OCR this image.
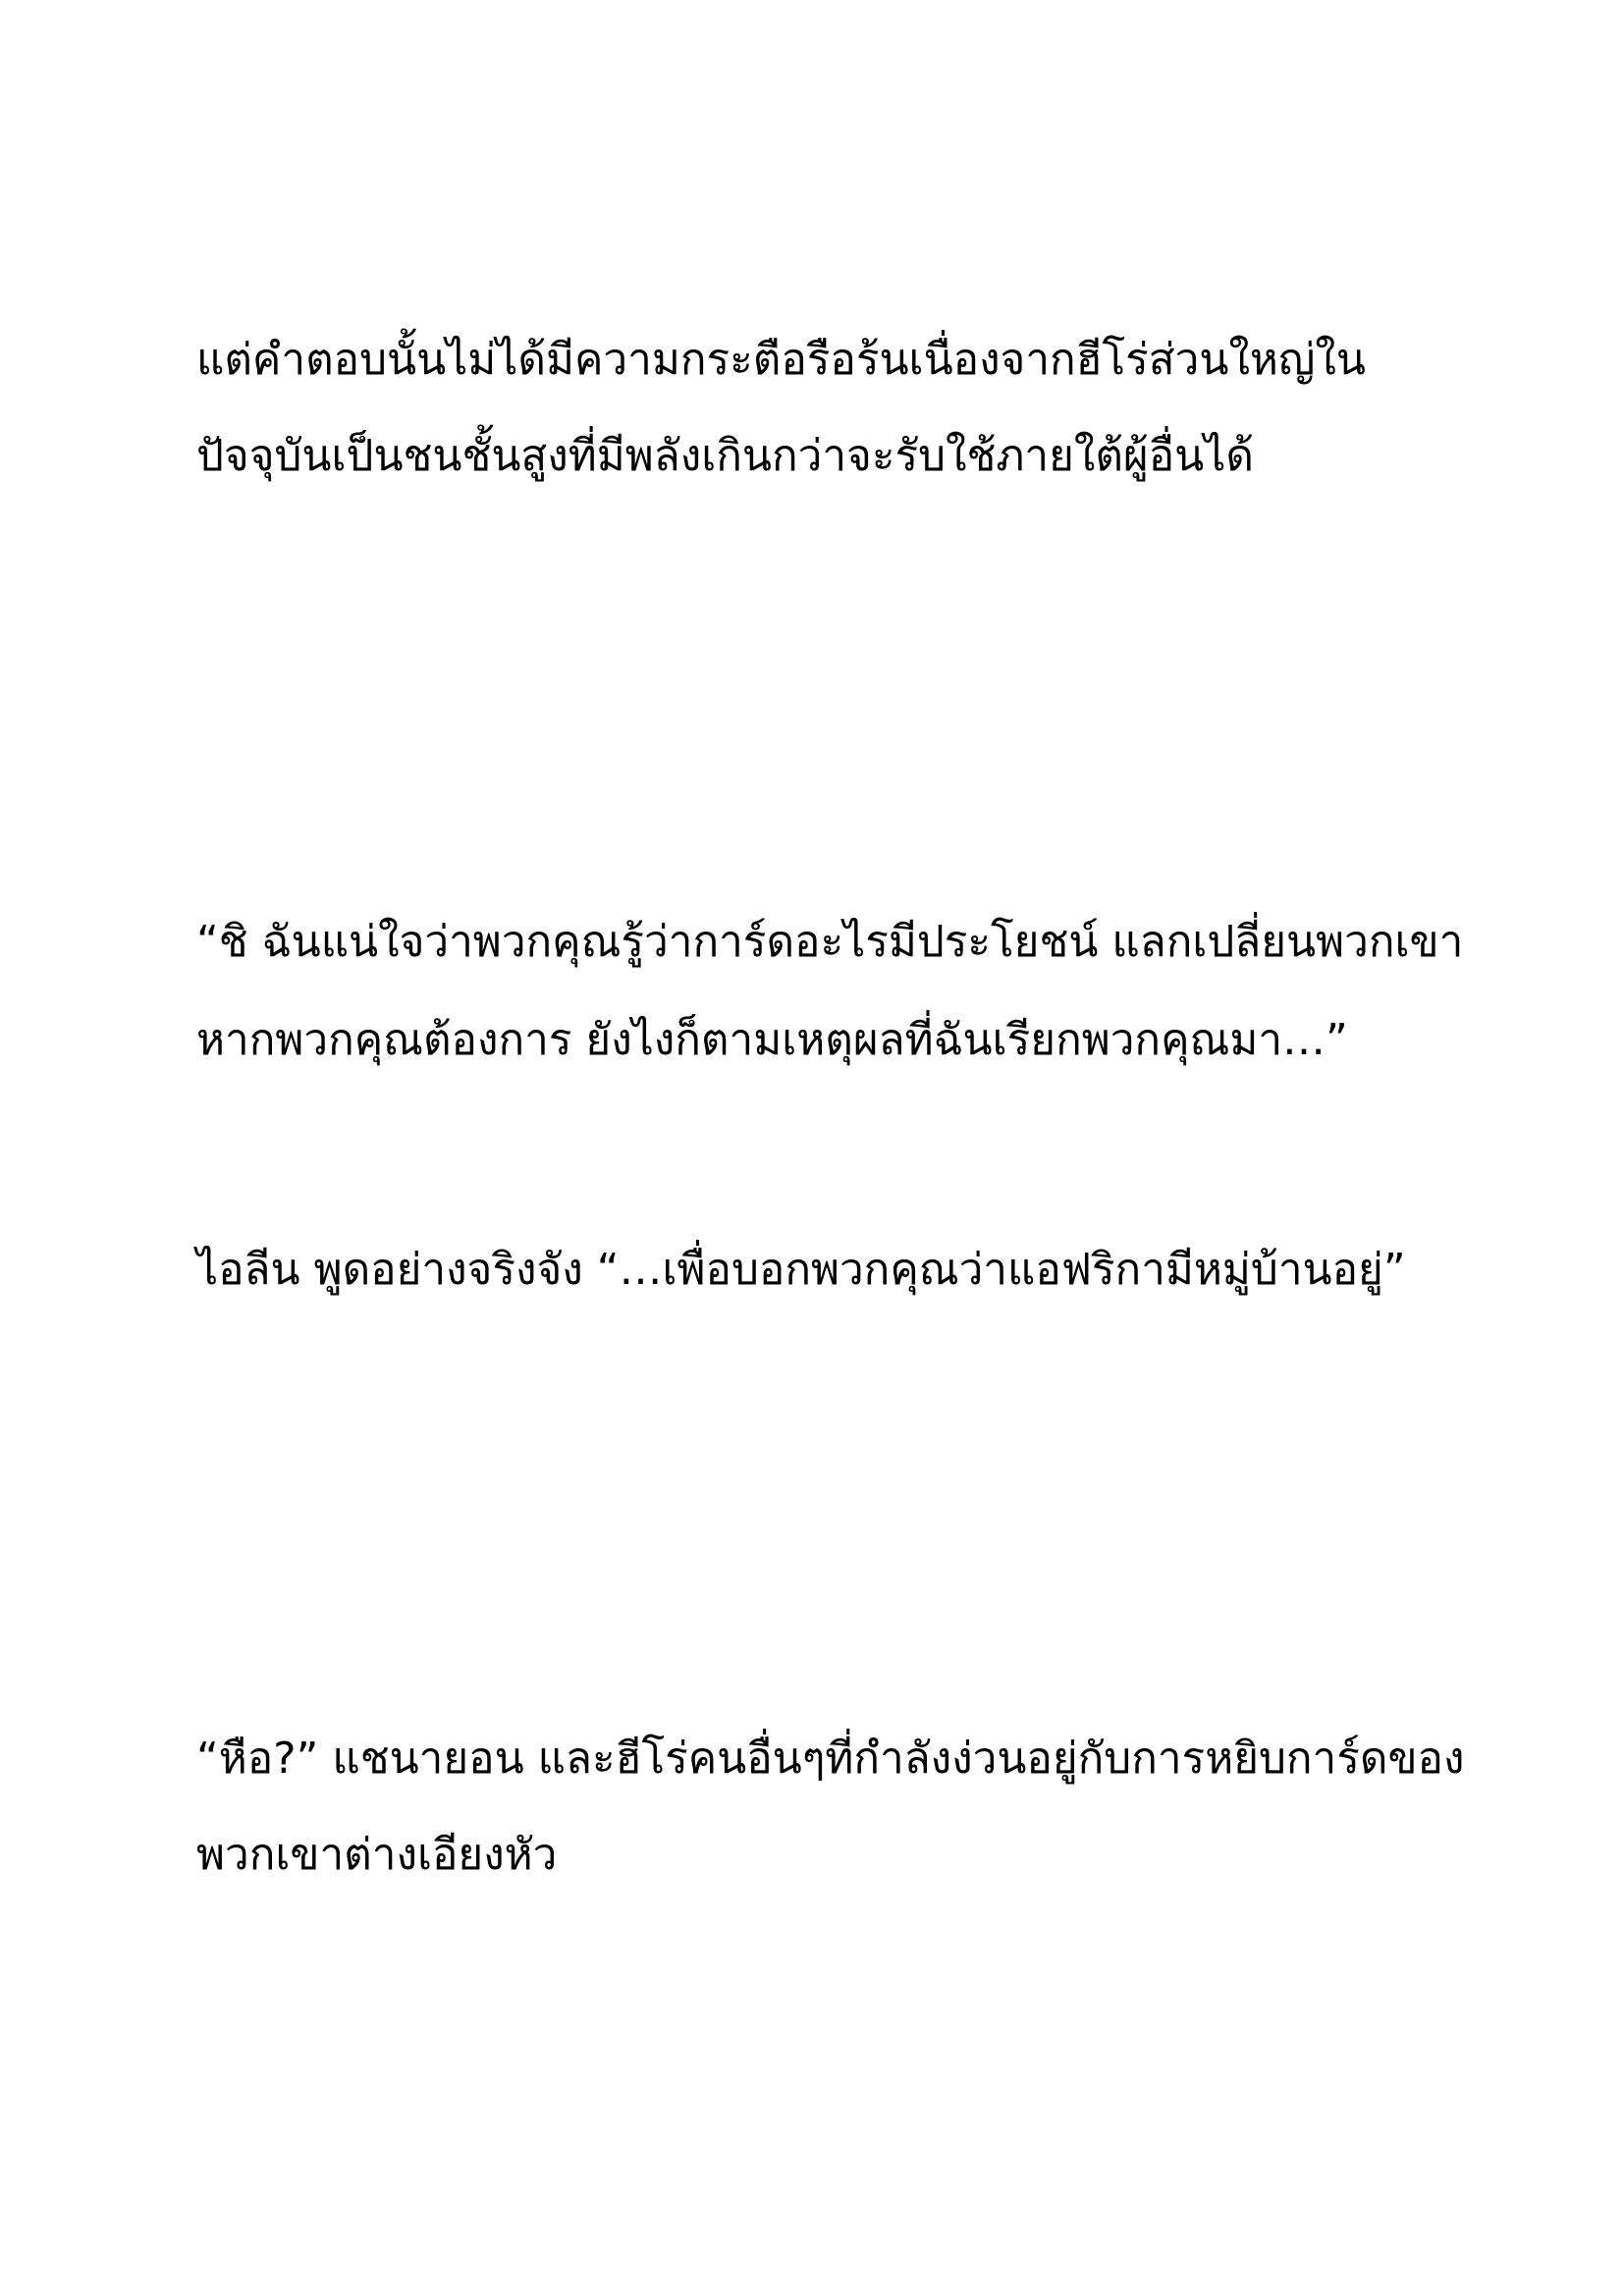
แต่คำตอบนั้นไม่ได้มีความกระตือรือร้นเนื่องจากฮีโร่ส่วนใหญ่ใน

ปัจจุบันเป็นชนชั้นสูงที่มีพลังเกินกว่าจะรับใช้ภายใต้ผู้อื่นได้

“ชิ ฉันแน่ใจว่าพวกคุณรู้ว่าการ์ดอะไรมีประโยชน์ แลกเปลี่ยนพวกเขา

หากพวกคุณต้องการ ยังไงก็ตามเหตุผลที่ฉันเรียกพวกคุณมา…”

ไอลีน พูดอย่างจริงจัง “…เพื่อบอกพวกคุณว่าแอฟริกามีหมู่บ้านอยู่”

“หือ?” แชนายอน และฮีโร่คนอื่นๆที่กำลังง่วนอยู่กับการหยิบการ์ดของ

พวกเขาต่างเอียงหัว
